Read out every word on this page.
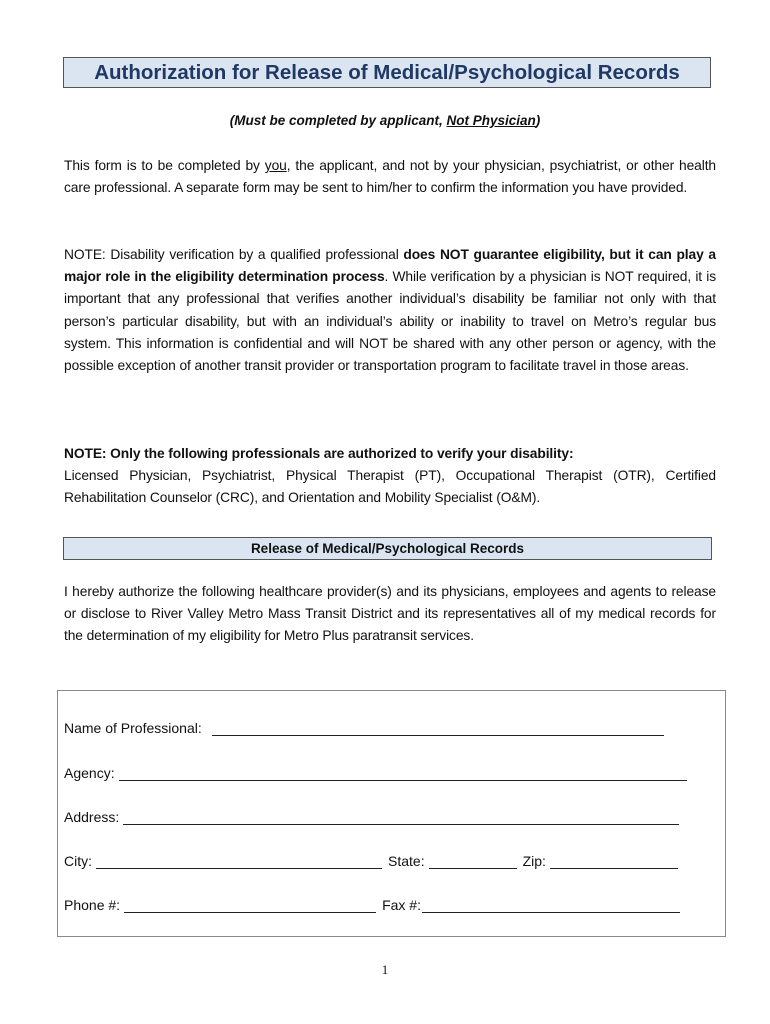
Authorization for Release of Medical/Psychological Records
(Must be completed by applicant, Not Physician)
This form is to be completed by you, the applicant, and not by your physician, psychiatrist, or other health care professional. A separate form may be sent to him/her to confirm the information you have provided.
NOTE: Disability verification by a qualified professional does NOT guarantee eligibility, but it can play a major role in the eligibility determination process. While verification by a physician is NOT required, it is important that any professional that verifies another individual’s disability be familiar not only with that person’s particular disability, but with an individual’s ability or inability to travel on Metro’s regular bus system. This information is confidential and will NOT be shared with any other person or agency, with the possible exception of another transit provider or transportation program to facilitate travel in those areas.
NOTE: Only the following professionals are authorized to verify your disability:
Licensed Physician, Psychiatrist, Physical Therapist (PT), Occupational Therapist (OTR), Certified Rehabilitation Counselor (CRC), and Orientation and Mobility Specialist (O&M).
Release of Medical/Psychological Records
I hereby authorize the following healthcare provider(s) and its physicians, employees and agents to release or disclose to River Valley Metro Mass Transit District and its representatives all of my medical records for the determination of my eligibility for Metro Plus paratransit services.
Name of Professional:
Agency:
Address:
City:	State:	Zip:
Phone #:	Fax #:
1
